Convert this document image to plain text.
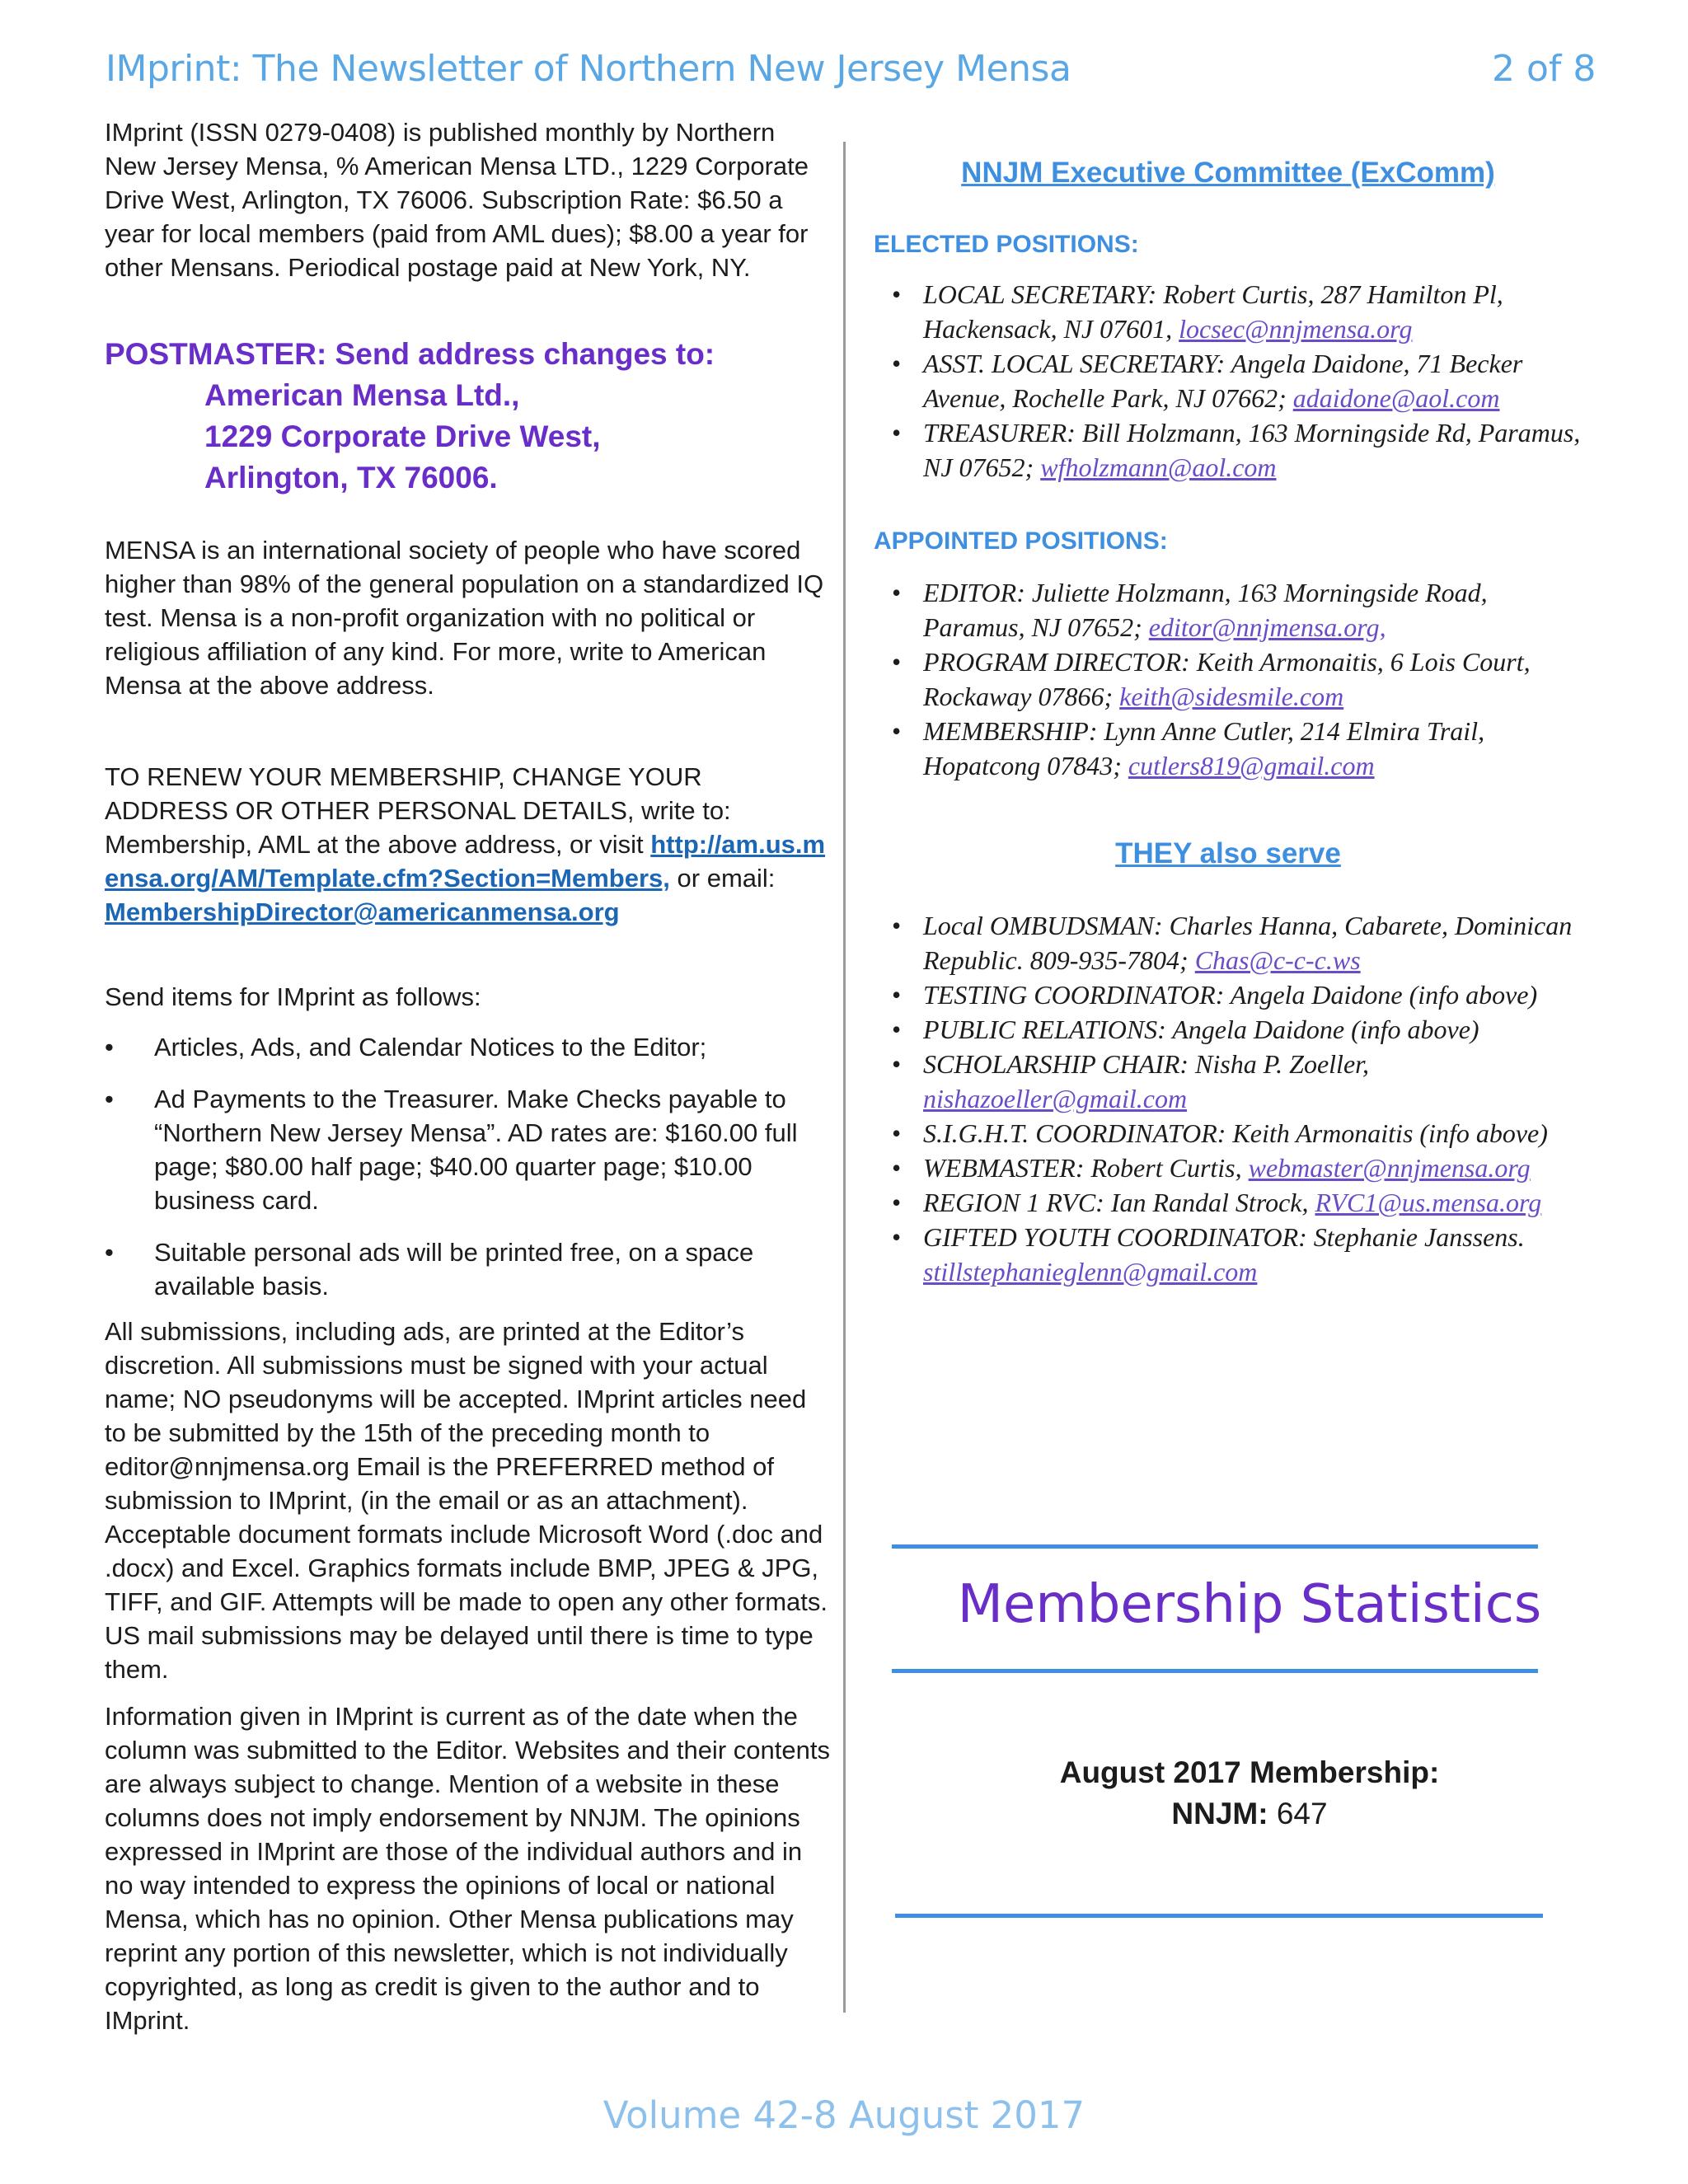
IMprint: The Newsletter of Northern New Jersey Mensa	2 of 8

IMprint (ISSN 0279-0408) is published monthly by Northern New Jersey Mensa, % American Mensa LTD., 1229 Corporate Drive West, Arlington, TX 76006. Subscription Rate: $6.50 a year for local members (paid from AML dues); $8.00 a year for other Mensans. Periodical postage paid at New York, NY.

POSTMASTER: Send address changes to:
American Mensa Ltd.,
1229 Corporate Drive West,
Arlington, TX 76006.

MENSA is an international society of people who have scored higher than 98% of the general population on a standardized IQ test. Mensa is a non-profit organization with no political or religious affiliation of any kind. For more, write to American Mensa at the above address.

TO RENEW YOUR MEMBERSHIP, CHANGE YOUR ADDRESS OR OTHER PERSONAL DETAILS, write to: Membership, AML at the above address, or visit http://am.us.mensa.org/AM/Template.cfm?Section=Members, or email: MembershipDirector@americanmensa.org

Send items for IMprint as follows:

• Articles, Ads, and Calendar Notices to the Editor;
• Ad Payments to the Treasurer. Make Checks payable to “Northern New Jersey Mensa”. AD rates are: $160.00 full page; $80.00 half page; $40.00 quarter page; $10.00 business card.
• Suitable personal ads will be printed free, on a space available basis.

All submissions, including ads, are printed at the Editor’s discretion. All submissions must be signed with your actual name; NO pseudonyms will be accepted. IMprint articles need to be submitted by the 15th of the preceding month to editor@nnjmensa.org Email is the PREFERRED method of submission to IMprint, (in the email or as an attachment). Acceptable document formats include Microsoft Word (.doc and .docx) and Excel. Graphics formats include BMP, JPEG & JPG, TIFF, and GIF. Attempts will be made to open any other formats. US mail submissions may be delayed until there is time to type them.

Information given in IMprint is current as of the date when the column was submitted to the Editor. Websites and their contents are always subject to change. Mention of a website in these columns does not imply endorsement by NNJM. The opinions expressed in IMprint are those of the individual authors and in no way intended to express the opinions of local or national Mensa, which has no opinion. Other Mensa publications may reprint any portion of this newsletter, which is not individually copyrighted, as long as credit is given to the author and to IMprint.

NNJM Executive Committee (ExComm)
ELECTED POSITIONS:
• LOCAL SECRETARY: Robert Curtis, 287 Hamilton Pl, Hackensack, NJ 07601, locsec@nnjmensa.org
• ASST. LOCAL SECRETARY: Angela Daidone, 71 Becker Avenue, Rochelle Park, NJ 07662; adaidone@aol.com
• TREASURER: Bill Holzmann, 163 Morningside Rd, Paramus, NJ 07652; wfholzmann@aol.com
APPOINTED POSITIONS:
• EDITOR: Juliette Holzmann, 163 Morningside Road, Paramus, NJ 07652; editor@nnjmensa.org,
• PROGRAM DIRECTOR: Keith Armonaitis, 6 Lois Court, Rockaway 07866; keith@sidesmile.com
• MEMBERSHIP: Lynn Anne Cutler, 214 Elmira Trail, Hopatcong 07843; cutlers819@gmail.com
THEY also serve
• Local OMBUDSMAN: Charles Hanna, Cabarete, Dominican Republic. 809-935-7804; Chas@c-c-c.ws
• TESTING COORDINATOR: Angela Daidone (info above)
• PUBLIC RELATIONS: Angela Daidone (info above)
• SCHOLARSHIP CHAIR: Nisha P. Zoeller, nishazoeller@gmail.com
• S.I.G.H.T. COORDINATOR: Keith Armonaitis (info above)
• WEBMASTER: Robert Curtis, webmaster@nnjmensa.org
• REGION 1 RVC: Ian Randal Strock, RVC1@us.mensa.org
• GIFTED YOUTH COORDINATOR: Stephanie Janssens. stillstephanieglenn@gmail.com
Membership Statistics
August 2017 Membership:
NNJM: 647
Volume 42-8 August 2017
